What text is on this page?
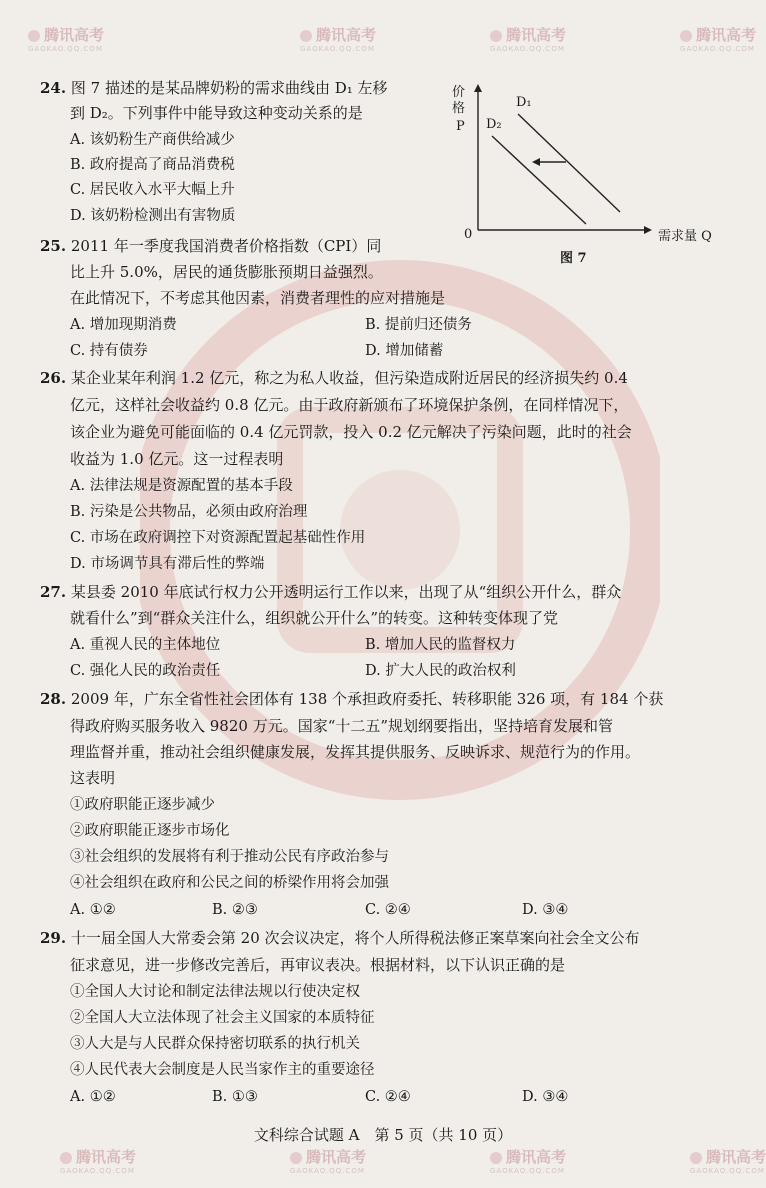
腾讯高考
GAOKAO.QQ.COM
腾讯高考
GAOKAO.QQ.COM
腾讯高考
GAOKAO.QQ.COM
腾讯高考
GAOKAO.QQ.COM
腾讯高考
GAOKAO.QQ.COM
腾讯高考
GAOKAO.QQ.COM
腾讯高考
GAOKAO.QQ.COM
腾讯高考
GAOKAO.QQ.COM
24. 图 7 描述的是某品牌奶粉的需求曲线由 D₁ 左移
到 D₂。下列事件中能导致这种变动关系的是
A. 该奶粉生产商供给减少
B. 政府提高了商品消费税
C. 居民收入水平大幅上升
D. 该奶粉检测出有害物质
价
格
P
D₁
D₂
0	需求量 Q
图 7
25. 2011 年一季度我国消费者价格指数（CPI）同
比上升 5.0%，居民的通货膨胀预期日益强烈。
在此情况下，不考虑其他因素，消费者理性的应对措施是
A. 增加现期消费	B. 提前归还债务
C. 持有债券	D. 增加储蓄
26. 某企业某年利润 1.2 亿元，称之为私人收益，但污染造成附近居民的经济损失约 0.4
亿元，这样社会收益约 0.8 亿元。由于政府新颁布了环境保护条例，在同样情况下，
该企业为避免可能面临的 0.4 亿元罚款，投入 0.2 亿元解决了污染问题，此时的社会
收益为 1.0 亿元。这一过程表明
A. 法律法规是资源配置的基本手段
B. 污染是公共物品，必须由政府治理
C. 市场在政府调控下对资源配置起基础性作用
D. 市场调节具有滞后性的弊端
27. 某县委 2010 年底试行权力公开透明运行工作以来，出现了从“组织公开什么，群众
就看什么”到“群众关注什么，组织就公开什么”的转变。这种转变体现了党
A. 重视人民的主体地位	B. 增加人民的监督权力
C. 强化人民的政治责任	D. 扩大人民的政治权利
28. 2009 年，广东全省性社会团体有 138 个承担政府委托、转移职能 326 项，有 184 个获
得政府购买服务收入 9820 万元。国家“十二五”规划纲要指出，坚持培育发展和管
理监督并重，推动社会组织健康发展，发挥其提供服务、反映诉求、规范行为的作用。
这表明
①政府职能正逐步减少
②政府职能正逐步市场化
③社会组织的发展将有利于推动公民有序政治参与
④社会组织在政府和公民之间的桥梁作用将会加强
A. ①②	B. ②③	C. ②④	D. ③④
29. 十一届全国人大常委会第 20 次会议决定，将个人所得税法修正案草案向社会全文公布
征求意见，进一步修改完善后，再审议表决。根据材料，以下认识正确的是
①全国人大讨论和制定法律法规以行使决定权
②全国人大立法体现了社会主义国家的本质特征
③人大是与人民群众保持密切联系的执行机关
④人民代表大会制度是人民当家作主的重要途径
A. ①②	B. ①③	C. ②④	D. ③④
文科综合试题 A　第 5 页（共 10 页）
